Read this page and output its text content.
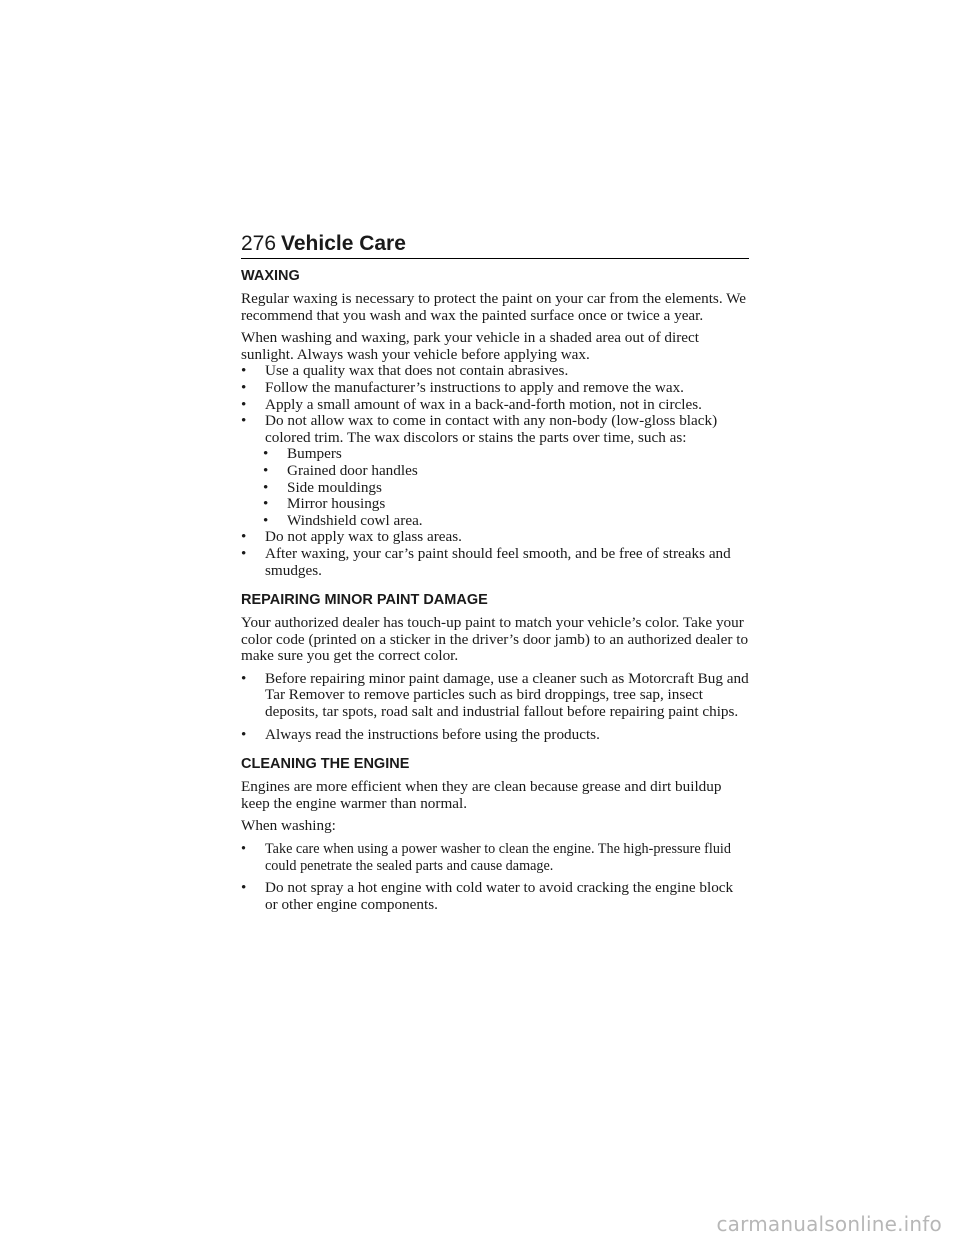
276 Vehicle Care
WAXING

Regular waxing is necessary to protect the paint on your car from the elements. We recommend that you wash and wax the painted surface once or twice a year.

When washing and waxing, park your vehicle in a shaded area out of direct sunlight. Always wash your vehicle before applying wax.

•	Use a quality wax that does not contain abrasives.
•	Follow the manufacturer’s instructions to apply and remove the wax.
•	Apply a small amount of wax in a back-and-forth motion, not in circles.
•	Do not allow wax to come in contact with any non-body (low-gloss black) colored trim. The wax discolors or stains the parts over time, such as:
•	Bumpers
•	Grained door handles
•	Side mouldings
•	Mirror housings
•	Windshield cowl area.
•	Do not apply wax to glass areas.
•	After waxing, your car’s paint should feel smooth, and be free of streaks and smudges.
REPAIRING MINOR PAINT DAMAGE

Your authorized dealer has touch-up paint to match your vehicle’s color. Take your color code (printed on a sticker in the driver’s door jamb) to an authorized dealer to make sure you get the correct color.

•	Before repairing minor paint damage, use a cleaner such as Motorcraft Bug and Tar Remover to remove particles such as bird droppings, tree sap, insect deposits, tar spots, road salt and industrial fallout before repairing paint chips.
•	Always read the instructions before using the products.
CLEANING THE ENGINE

Engines are more efficient when they are clean because grease and dirt buildup keep the engine warmer than normal.

When washing:

•	Take care when using a power washer to clean the engine. The high-pressure fluid could penetrate the sealed parts and cause damage.
•	Do not spray a hot engine with cold water to avoid cracking the engine block or other engine components.
carmanualsonline.info
